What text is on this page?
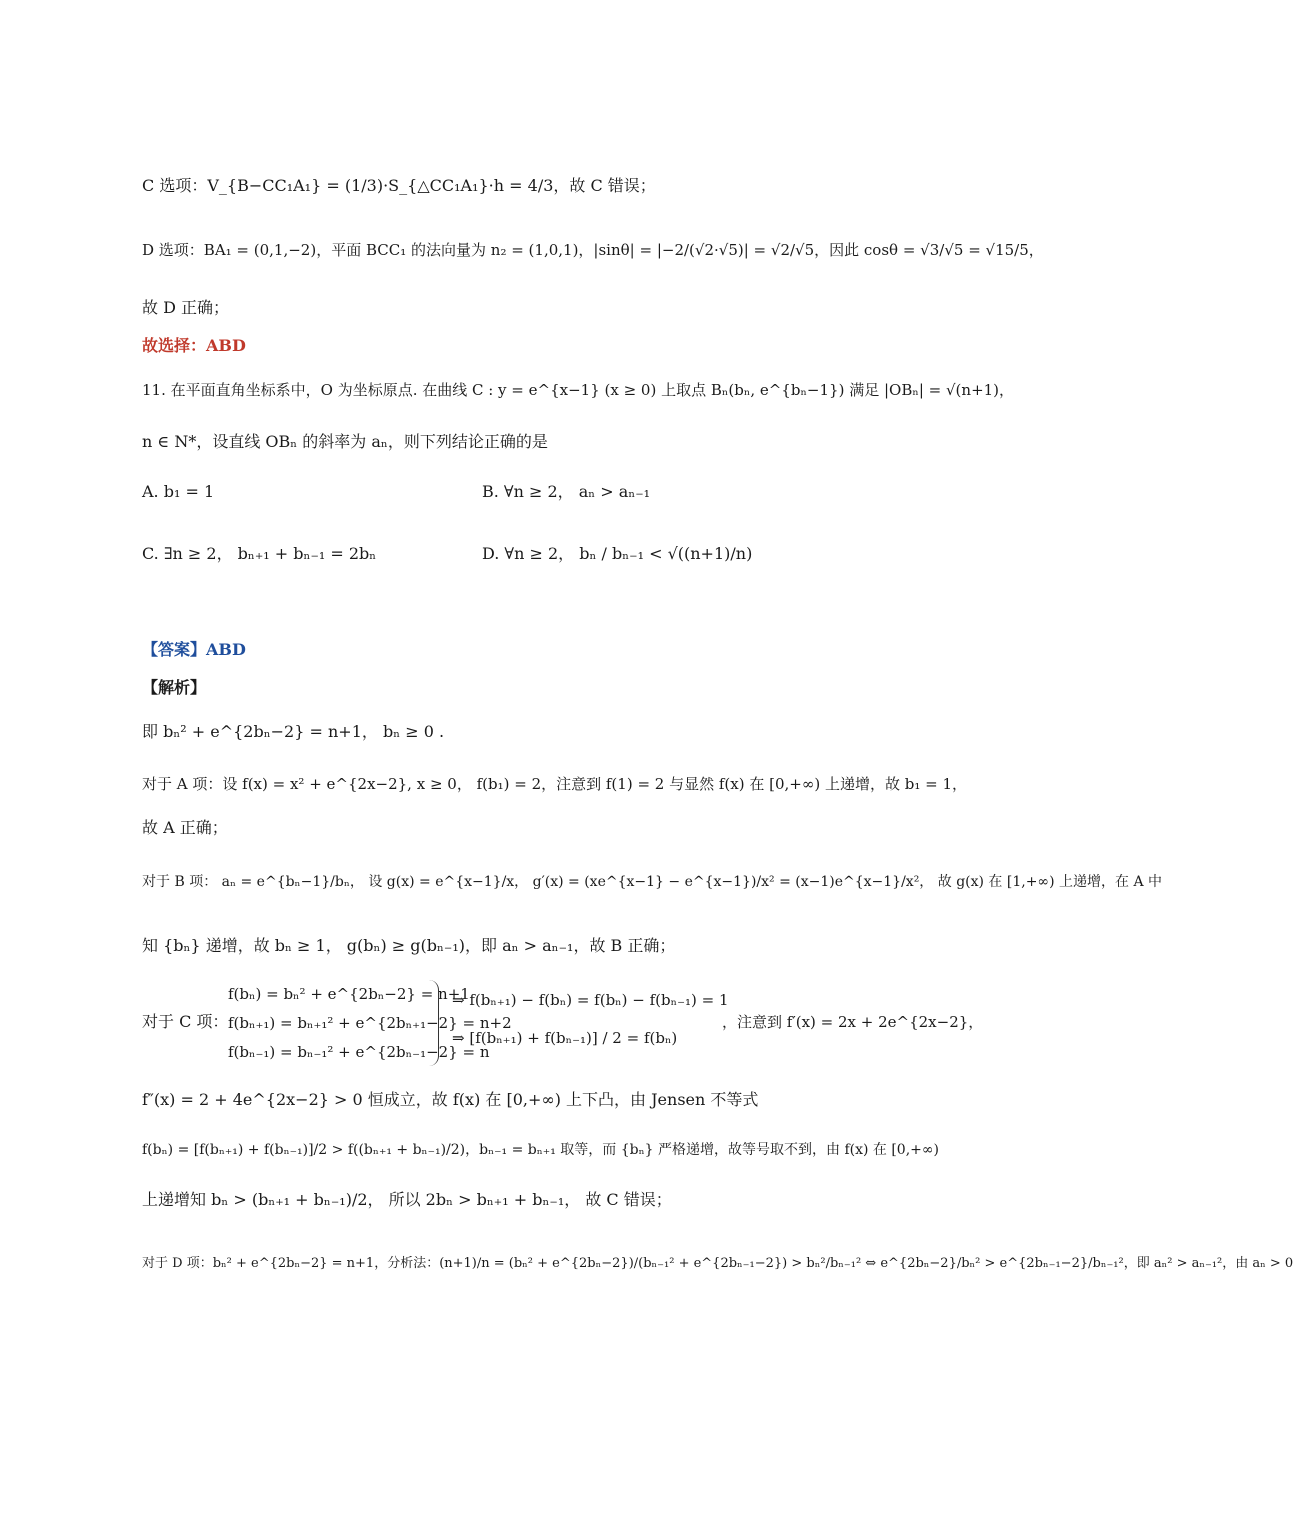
C 选项：V_{B−CC₁A₁} = (1/3)·S_{△CC₁A₁}·h = 4/3，故 C 错误；
D 选项：BA₁ = (0,1,−2)，平面 BCC₁ 的法向量为 n₂ = (1,0,1)，|sinθ| = |−2/(√2·√5)| = √2/√5，因此 cosθ = √3/√5 = √15/5，
故 D 正确；
故选择：ABD
11. 在平面直角坐标系中，O 为坐标原点. 在曲线 C : y = e^{x−1} (x ≥ 0) 上取点 Bₙ(bₙ, e^{bₙ−1}) 满足 |OBₙ| = √(n+1)，
n ∈ N*，设直线 OBₙ 的斜率为 aₙ，则下列结论正确的是
A. b₁ = 1	B. ∀n ≥ 2， aₙ > aₙ₋₁
C. ∃n ≥ 2， bₙ₊₁ + bₙ₋₁ = 2bₙ	D. ∀n ≥ 2， bₙ / bₙ₋₁ < √((n+1)/n)
【答案】ABD
【解析】
即 bₙ² + e^{2bₙ−2} = n+1， bₙ ≥ 0 .
对于 A 项：设 f(x) = x² + e^{2x−2}, x ≥ 0， f(b₁) = 2，注意到 f(1) = 2 与显然 f(x) 在 [0,+∞) 上递增，故 b₁ = 1，
故 A 正确；
对于 B 项： aₙ = e^{bₙ−1}/bₙ， 设 g(x) = e^{x−1}/x， g′(x) = (xe^{x−1} − e^{x−1})/x² = (x−1)e^{x−1}/x²， 故 g(x) 在 [1,+∞) 上递增，在 A 中
知 {bₙ} 递增，故 bₙ ≥ 1， g(bₙ) ≥ g(bₙ₋₁)，即 aₙ > aₙ₋₁，故 B 正确；
对于 C 项：
f(bₙ) = bₙ² + e^{2bₙ−2} = n+1
f(bₙ₊₁) = bₙ₊₁² + e^{2bₙ₊₁−2} = n+2
f(bₙ₋₁) = bₙ₋₁² + e^{2bₙ₋₁−2} = n
⇒ f(bₙ₊₁) − f(bₙ) = f(bₙ) − f(bₙ₋₁) = 1
⇒ [f(bₙ₊₁) + f(bₙ₋₁)] / 2 = f(bₙ)
，注意到 f′(x) = 2x + 2e^{2x−2}，
f″(x) = 2 + 4e^{2x−2} > 0 恒成立，故 f(x) 在 [0,+∞) 上下凸，由 Jensen 不等式
f(bₙ) = [f(bₙ₊₁) + f(bₙ₋₁)]/2 > f((bₙ₊₁ + bₙ₋₁)/2)，bₙ₋₁ = bₙ₊₁ 取等，而 {bₙ} 严格递增，故等号取不到，由 f(x) 在 [0,+∞)
上递增知 bₙ > (bₙ₊₁ + bₙ₋₁)/2， 所以 2bₙ > bₙ₊₁ + bₙ₋₁， 故 C 错误；
对于 D 项：bₙ² + e^{2bₙ−2} = n+1，分析法：(n+1)/n = (bₙ² + e^{2bₙ−2})/(bₙ₋₁² + e^{2bₙ₋₁−2}) > bₙ²/bₙ₋₁² ⇔ e^{2bₙ−2}/bₙ² > e^{2bₙ₋₁−2}/bₙ₋₁²，即 aₙ² > aₙ₋₁²，由 aₙ > 0
